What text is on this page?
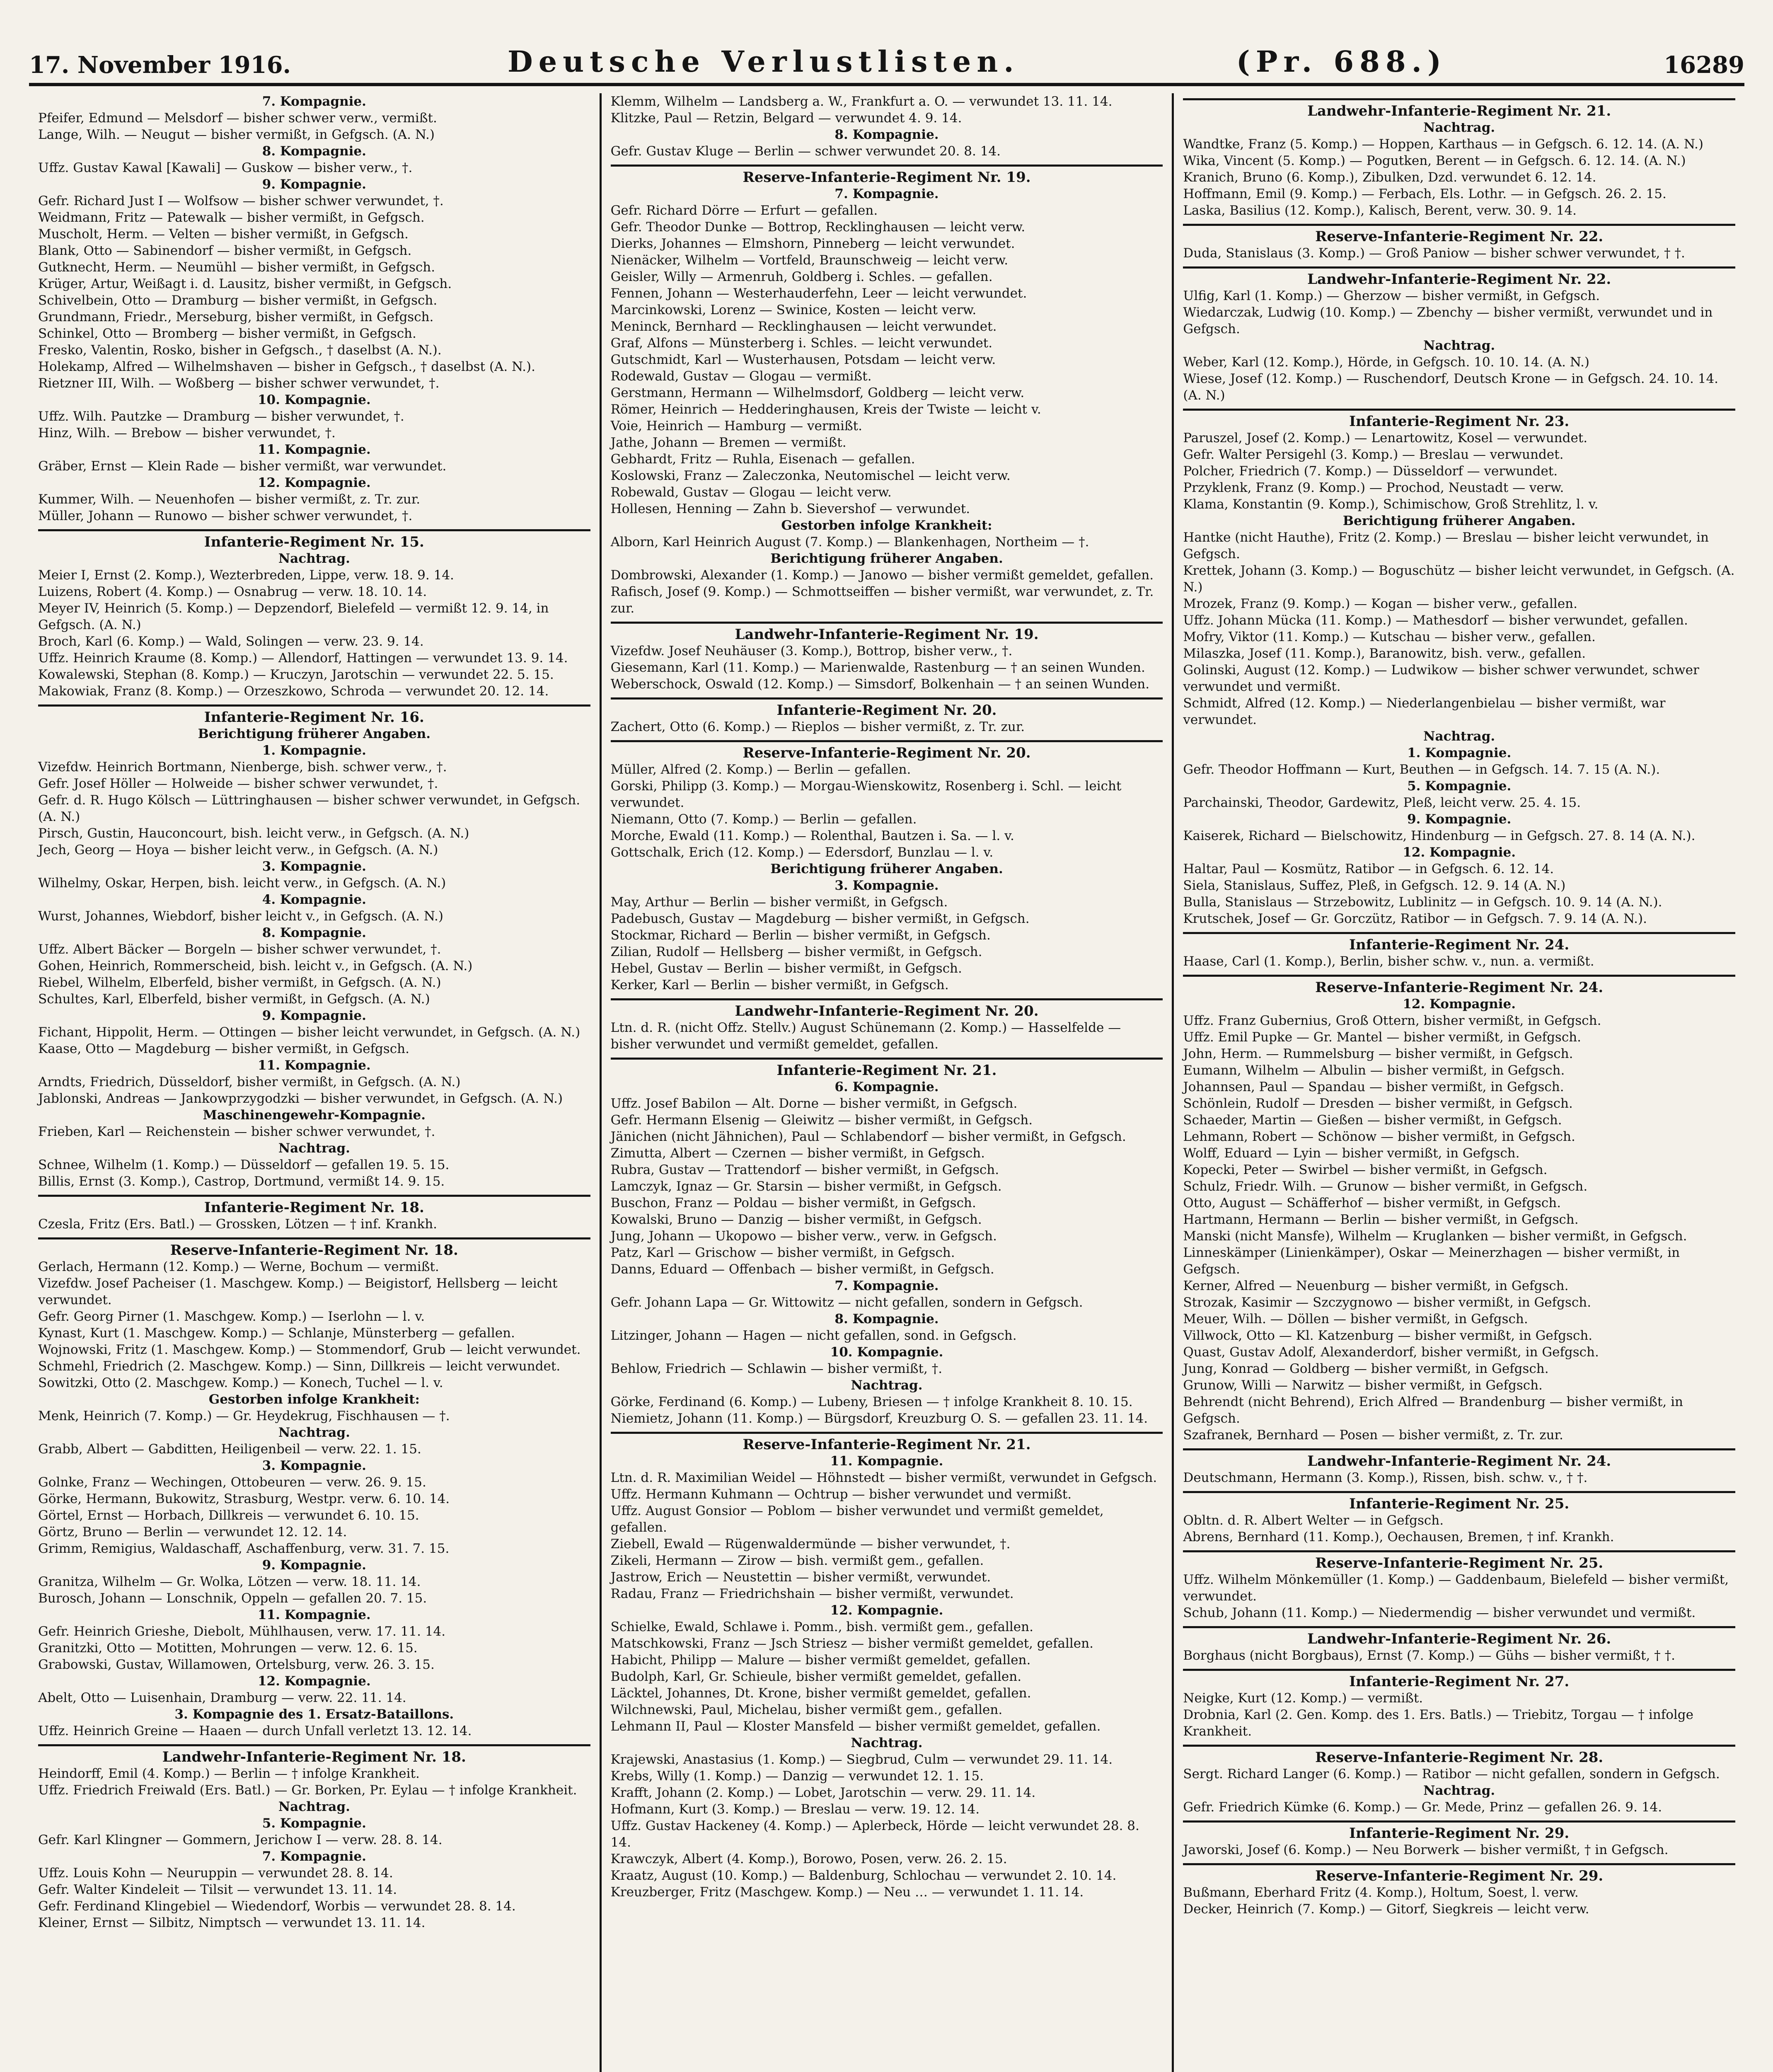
17. November 1916.	Deutsche Verlustlisten.	(Pr. 688.)	16289
7. Kompagnie.
Pfeifer, Edmund — Melsdorf — bisher schwer verw., vermißt.
Lange, Wilh. — Neugut — bisher vermißt, in Gefgsch. (A. N.)
8. Kompagnie.
Uffz. Gustav Kawal [Kawali] — Guskow — bisher verw., †.
9. Kompagnie.
Gefr. Richard Just I — Wolfsow — bisher schwer verwundet, †.
Weidmann, Fritz — Patewalk — bisher vermißt, in Gefgsch.
Muscholt, Herm. — Velten — bisher vermißt, in Gefgsch.
Blank, Otto — Sabinendorf — bisher vermißt, in Gefgsch.
Gutknecht, Herm. — Neumühl — bisher vermißt, in Gefgsch.
Krüger, Artur, Weißagt i. d. Lausitz, bisher vermißt, in Gefgsch.
Schivelbein, Otto — Dramburg — bisher vermißt, in Gefgsch.
Grundmann, Friedr., Merseburg, bisher vermißt, in Gefgsch.
Schinkel, Otto — Bromberg — bisher vermißt, in Gefgsch.
Fresko, Valentin, Rosko, bisher in Gefgsch., † daselbst (A. N.).
Holekamp, Alfred — Wilhelmshaven — bisher in Gefgsch., † daselbst (A. N.).
Rietzner III, Wilh. — Woßberg — bisher schwer verwundet, †.
10. Kompagnie.
Uffz. Wilh. Pautzke — Dramburg — bisher verwundet, †.
Hinz, Wilh. — Brebow — bisher verwundet, †.
11. Kompagnie.
Gräber, Ernst — Klein Rade — bisher vermißt, war verwundet.
12. Kompagnie.
Kummer, Wilh. — Neuenhofen — bisher vermißt, z. Tr. zur.
Müller, Johann — Runowo — bisher schwer verwundet, †.
Infanterie-Regiment Nr. 15.
Nachtrag.
Meier I, Ernst (2. Komp.), Wezterbreden, Lippe, verw. 18. 9. 14.
Luizens, Robert (4. Komp.) — Osnabrug — verw. 18. 10. 14.
Meyer IV, Heinrich (5. Komp.) — Depzendorf, Bielefeld — vermißt 12. 9. 14, in Gefgsch. (A. N.)
Broch, Karl (6. Komp.) — Wald, Solingen — verw. 23. 9. 14.
Uffz. Heinrich Kraume (8. Komp.) — Allendorf, Hattingen — verwundet 13. 9. 14.
Kowalewski, Stephan (8. Komp.) — Kruczyn, Jarotschin — verwundet 22. 5. 15.
Makowiak, Franz (8. Komp.) — Orzeszkowo, Schroda — verwundet 20. 12. 14.
Infanterie-Regiment Nr. 16.
Berichtigung früherer Angaben.
1. Kompagnie.
Vizefdw. Heinrich Bortmann, Nienberge, bish. schwer verw., †.
Gefr. Josef Höller — Holweide — bisher schwer verwundet, †.
Gefr. d. R. Hugo Kölsch — Lüttringhausen — bisher schwer verwundet, in Gefgsch. (A. N.)
Pirsch, Gustin, Hauconcourt, bish. leicht verw., in Gefgsch. (A. N.)
Jech, Georg — Hoya — bisher leicht verw., in Gefgsch. (A. N.)
3. Kompagnie.
Wilhelmy, Oskar, Herpen, bish. leicht verw., in Gefgsch. (A. N.)
4. Kompagnie.
Wurst, Johannes, Wiebdorf, bisher leicht v., in Gefgsch. (A. N.)
8. Kompagnie.
Uffz. Albert Bäcker — Borgeln — bisher schwer verwundet, †.
Gohen, Heinrich, Rommerscheid, bish. leicht v., in Gefgsch. (A. N.)
Riebel, Wilhelm, Elberfeld, bisher vermißt, in Gefgsch. (A. N.)
Schultes, Karl, Elberfeld, bisher vermißt, in Gefgsch. (A. N.)
9. Kompagnie.
Fichant, Hippolit, Herm. — Ottingen — bisher leicht verwundet, in Gefgsch. (A. N.)
Kaase, Otto — Magdeburg — bisher vermißt, in Gefgsch.
11. Kompagnie.
Arndts, Friedrich, Düsseldorf, bisher vermißt, in Gefgsch. (A. N.)
Jablonski, Andreas — Jankowprzygodzki — bisher verwundet, in Gefgsch. (A. N.)
Maschinengewehr-Kompagnie.
Frieben, Karl — Reichenstein — bisher schwer verwundet, †.
Nachtrag.
Schnee, Wilhelm (1. Komp.) — Düsseldorf — gefallen 19. 5. 15.
Billis, Ernst (3. Komp.), Castrop, Dortmund, vermißt 14. 9. 15.
Infanterie-Regiment Nr. 18.
Czesla, Fritz (Ers. Batl.) — Grossken, Lötzen — † inf. Krankh.
Reserve-Infanterie-Regiment Nr. 18.
Gerlach, Hermann (12. Komp.) — Werne, Bochum — vermißt.
Vizefdw. Josef Pacheiser (1. Maschgew. Komp.) — Beigistorf, Hellsberg — leicht verwundet.
Gefr. Georg Pirner (1. Maschgew. Komp.) — Iserlohn — l. v.
Kynast, Kurt (1. Maschgew. Komp.) — Schlanje, Münsterberg — gefallen.
Wojnowski, Fritz (1. Maschgew. Komp.) — Stommendorf, Grub — leicht verwundet.
Schmehl, Friedrich (2. Maschgew. Komp.) — Sinn, Dillkreis — leicht verwundet.
Sowitzki, Otto (2. Maschgew. Komp.) — Konech, Tuchel — l. v.
Gestorben infolge Krankheit:
Menk, Heinrich (7. Komp.) — Gr. Heydekrug, Fischhausen — †.
Nachtrag.
Grabb, Albert — Gabditten, Heiligenbeil — verw. 22. 1. 15.
3. Kompagnie.
Golnke, Franz — Wechingen, Ottobeuren — verw. 26. 9. 15.
Görke, Hermann, Bukowitz, Strasburg, Westpr. verw. 6. 10. 14.
Görtel, Ernst — Horbach, Dillkreis — verwundet 6. 10. 15.
Görtz, Bruno — Berlin — verwundet 12. 12. 14.
Grimm, Remigius, Waldaschaff, Aschaffenburg, verw. 31. 7. 15.
9. Kompagnie.
Granitza, Wilhelm — Gr. Wolka, Lötzen — verw. 18. 11. 14.
Burosch, Johann — Lonschnik, Oppeln — gefallen 20. 7. 15.
11. Kompagnie.
Gefr. Heinrich Grieshe, Diebolt, Mühlhausen, verw. 17. 11. 14.
Granitzki, Otto — Motitten, Mohrungen — verw. 12. 6. 15.
Grabowski, Gustav, Willamowen, Ortelsburg, verw. 26. 3. 15.
12. Kompagnie.
Abelt, Otto — Luisenhain, Dramburg — verw. 22. 11. 14.
3. Kompagnie des 1. Ersatz-Bataillons.
Uffz. Heinrich Greine — Haaen — durch Unfall verletzt 13. 12. 14.
Landwehr-Infanterie-Regiment Nr. 18.
Heindorff, Emil (4. Komp.) — Berlin — † infolge Krankheit.
Uffz. Friedrich Freiwald (Ers. Batl.) — Gr. Borken, Pr. Eylau — † infolge Krankheit.
Nachtrag.
5. Kompagnie.
Gefr. Karl Klingner — Gommern, Jerichow I — verw. 28. 8. 14.
7. Kompagnie.
Uffz. Louis Kohn — Neuruppin — verwundet 28. 8. 14.
Gefr. Walter Kindeleit — Tilsit — verwundet 13. 11. 14.
Gefr. Ferdinand Klingebiel — Wiedendorf, Worbis — verwundet 28. 8. 14.
Kleiner, Ernst — Silbitz, Nimptsch — verwundet 13. 11. 14.
Klemm, Wilhelm — Landsberg a. W., Frankfurt a. O. — verwundet 13. 11. 14.
Klitzke, Paul — Retzin, Belgard — verwundet 4. 9. 14.
8. Kompagnie.
Gefr. Gustav Kluge — Berlin — schwer verwundet 20. 8. 14.
Reserve-Infanterie-Regiment Nr. 19.
7. Kompagnie.
Gefr. Richard Dörre — Erfurt — gefallen.
Gefr. Theodor Dunke — Bottrop, Recklinghausen — leicht verw.
Dierks, Johannes — Elmshorn, Pinneberg — leicht verwundet.
Nienäcker, Wilhelm — Vortfeld, Braunschweig — leicht verw.
Geisler, Willy — Armenruh, Goldberg i. Schles. — gefallen.
Fennen, Johann — Westerhauderfehn, Leer — leicht verwundet.
Marcinkowski, Lorenz — Swinice, Kosten — leicht verw.
Meninck, Bernhard — Recklinghausen — leicht verwundet.
Graf, Alfons — Münsterberg i. Schles. — leicht verwundet.
Gutschmidt, Karl — Wusterhausen, Potsdam — leicht verw.
Rodewald, Gustav — Glogau — vermißt.
Gerstmann, Hermann — Wilhelmsdorf, Goldberg — leicht verw.
Römer, Heinrich — Hedderinghausen, Kreis der Twiste — leicht v.
Voie, Heinrich — Hamburg — vermißt.
Jathe, Johann — Bremen — vermißt.
Gebhardt, Fritz — Ruhla, Eisenach — gefallen.
Koslowski, Franz — Zaleczonka, Neutomischel — leicht verw.
Robewald, Gustav — Glogau — leicht verw.
Hollesen, Henning — Zahn b. Sievershof — verwundet.
Gestorben infolge Krankheit:
Alborn, Karl Heinrich August (7. Komp.) — Blankenhagen, Northeim — †.
Berichtigung früherer Angaben.
Dombrowski, Alexander (1. Komp.) — Janowo — bisher vermißt gemeldet, gefallen.
Rafisch, Josef (9. Komp.) — Schmottseiffen — bisher vermißt, war verwundet, z. Tr. zur.
Landwehr-Infanterie-Regiment Nr. 19.
Vizefdw. Josef Neuhäuser (3. Komp.), Bottrop, bisher verw., †.
Giesemann, Karl (11. Komp.) — Marienwalde, Rastenburg — † an seinen Wunden.
Weberschock, Oswald (12. Komp.) — Simsdorf, Bolkenhain — † an seinen Wunden.
Infanterie-Regiment Nr. 20.
Zachert, Otto (6. Komp.) — Rieplos — bisher vermißt, z. Tr. zur.
Reserve-Infanterie-Regiment Nr. 20.
Müller, Alfred (2. Komp.) — Berlin — gefallen.
Gorski, Philipp (3. Komp.) — Morgau-Wienskowitz, Rosenberg i. Schl. — leicht verwundet.
Niemann, Otto (7. Komp.) — Berlin — gefallen.
Morche, Ewald (11. Komp.) — Rolenthal, Bautzen i. Sa. — l. v.
Gottschalk, Erich (12. Komp.) — Edersdorf, Bunzlau — l. v.
Berichtigung früherer Angaben.
3. Kompagnie.
May, Arthur — Berlin — bisher vermißt, in Gefgsch.
Padebusch, Gustav — Magdeburg — bisher vermißt, in Gefgsch.
Stockmar, Richard — Berlin — bisher vermißt, in Gefgsch.
Zilian, Rudolf — Hellsberg — bisher vermißt, in Gefgsch.
Hebel, Gustav — Berlin — bisher vermißt, in Gefgsch.
Kerker, Karl — Berlin — bisher vermißt, in Gefgsch.
Landwehr-Infanterie-Regiment Nr. 20.
Ltn. d. R. (nicht Offz. Stellv.) August Schünemann (2. Komp.) — Hasselfelde — bisher verwundet und vermißt gemeldet, gefallen.
Infanterie-Regiment Nr. 21.
6. Kompagnie.
Uffz. Josef Babilon — Alt. Dorne — bisher vermißt, in Gefgsch.
Gefr. Hermann Elsenig — Gleiwitz — bisher vermißt, in Gefgsch.
Jänichen (nicht Jähnichen), Paul — Schlabendorf — bisher vermißt, in Gefgsch.
Zimutta, Albert — Czernen — bisher vermißt, in Gefgsch.
Rubra, Gustav — Trattendorf — bisher vermißt, in Gefgsch.
Lamczyk, Ignaz — Gr. Starsin — bisher vermißt, in Gefgsch.
Buschon, Franz — Poldau — bisher vermißt, in Gefgsch.
Kowalski, Bruno — Danzig — bisher vermißt, in Gefgsch.
Jung, Johann — Ukopowo — bisher verw., verw. in Gefgsch.
Patz, Karl — Grischow — bisher vermißt, in Gefgsch.
Danns, Eduard — Offenbach — bisher vermißt, in Gefgsch.
7. Kompagnie.
Gefr. Johann Lapa — Gr. Wittowitz — nicht gefallen, sondern in Gefgsch.
8. Kompagnie.
Litzinger, Johann — Hagen — nicht gefallen, sond. in Gefgsch.
10. Kompagnie.
Behlow, Friedrich — Schlawin — bisher vermißt, †.
Nachtrag.
Görke, Ferdinand (6. Komp.) — Lubeny, Briesen — † infolge Krankheit 8. 10. 15.
Niemietz, Johann (11. Komp.) — Bürgsdorf, Kreuzburg O. S. — gefallen 23. 11. 14.
Reserve-Infanterie-Regiment Nr. 21.
11. Kompagnie.
Ltn. d. R. Maximilian Weidel — Höhnstedt — bisher vermißt, verwundet in Gefgsch.
Uffz. Hermann Kuhmann — Ochtrup — bisher verwundet und vermißt.
Uffz. August Gonsior — Poblom — bisher verwundet und vermißt gemeldet, gefallen.
Ziebell, Ewald — Rügenwaldermünde — bisher verwundet, †.
Zikeli, Hermann — Zirow — bish. vermißt gem., gefallen.
Jastrow, Erich — Neustettin — bisher vermißt, verwundet.
Radau, Franz — Friedrichshain — bisher vermißt, verwundet.
12. Kompagnie.
Schielke, Ewald, Schlawe i. Pomm., bish. vermißt gem., gefallen.
Matschkowski, Franz — Jsch Striesz — bisher vermißt gemeldet, gefallen.
Habicht, Philipp — Malure — bisher vermißt gemeldet, gefallen.
Budolph, Karl, Gr. Schieule, bisher vermißt gemeldet, gefallen.
Läcktel, Johannes, Dt. Krone, bisher vermißt gemeldet, gefallen.
Wilchnewski, Paul, Michelau, bisher vermißt gem., gefallen.
Lehmann II, Paul — Kloster Mansfeld — bisher vermißt gemeldet, gefallen.
Nachtrag.
Krajewski, Anastasius (1. Komp.) — Siegbrud, Culm — verwundet 29. 11. 14.
Krebs, Willy (1. Komp.) — Danzig — verwundet 12. 1. 15.
Krafft, Johann (2. Komp.) — Lobet, Jarotschin — verw. 29. 11. 14.
Hofmann, Kurt (3. Komp.) — Breslau — verw. 19. 12. 14.
Uffz. Gustav Hackeney (4. Komp.) — Aplerbeck, Hörde — leicht verwundet 28. 8. 14.
Krawczyk, Albert (4. Komp.), Borowo, Posen, verw. 26. 2. 15.
Kraatz, August (10. Komp.) — Baldenburg, Schlochau — verwundet 2. 10. 14.
Kreuzberger, Fritz (Maschgew. Komp.) — Neu … — verwundet 1. 11. 14.
Landwehr-Infanterie-Regiment Nr. 21.
Nachtrag.
Wandtke, Franz (5. Komp.) — Hoppen, Karthaus — in Gefgsch. 6. 12. 14. (A. N.)
Wika, Vincent (5. Komp.) — Pogutken, Berent — in Gefgsch. 6. 12. 14. (A. N.)
Kranich, Bruno (6. Komp.), Zibulken, Dzd. verwundet 6. 12. 14.
Hoffmann, Emil (9. Komp.) — Ferbach, Els. Lothr. — in Gefgsch. 26. 2. 15.
Laska, Basilius (12. Komp.), Kalisch, Berent, verw. 30. 9. 14.
Reserve-Infanterie-Regiment Nr. 22.
Duda, Stanislaus (3. Komp.) — Groß Paniow — bisher schwer verwundet, † †.
Landwehr-Infanterie-Regiment Nr. 22.
Ulfig, Karl (1. Komp.) — Gherzow — bisher vermißt, in Gefgsch.
Wiedarczak, Ludwig (10. Komp.) — Zbenchy — bisher vermißt, verwundet und in Gefgsch.
Nachtrag.
Weber, Karl (12. Komp.), Hörde, in Gefgsch. 10. 10. 14. (A. N.)
Wiese, Josef (12. Komp.) — Ruschendorf, Deutsch Krone — in Gefgsch. 24. 10. 14. (A. N.)
Infanterie-Regiment Nr. 23.
Paruszel, Josef (2. Komp.) — Lenartowitz, Kosel — verwundet.
Gefr. Walter Persigehl (3. Komp.) — Breslau — verwundet.
Polcher, Friedrich (7. Komp.) — Düsseldorf — verwundet.
Przyklenk, Franz (9. Komp.) — Prochod, Neustadt — verw.
Klama, Konstantin (9. Komp.), Schimischow, Groß Strehlitz, l. v.
Berichtigung früherer Angaben.
Hantke (nicht Hauthe), Fritz (2. Komp.) — Breslau — bisher leicht verwundet, in Gefgsch.
Krettek, Johann (3. Komp.) — Boguschütz — bisher leicht verwundet, in Gefgsch. (A. N.)
Mrozek, Franz (9. Komp.) — Kogan — bisher verw., gefallen.
Uffz. Johann Mücka (11. Komp.) — Mathesdorf — bisher verwundet, gefallen.
Mofry, Viktor (11. Komp.) — Kutschau — bisher verw., gefallen.
Milaszka, Josef (11. Komp.), Baranowitz, bish. verw., gefallen.
Golinski, August (12. Komp.) — Ludwikow — bisher schwer verwundet, schwer verwundet und vermißt.
Schmidt, Alfred (12. Komp.) — Niederlangenbielau — bisher vermißt, war verwundet.
Nachtrag.
1. Kompagnie.
Gefr. Theodor Hoffmann — Kurt, Beuthen — in Gefgsch. 14. 7. 15 (A. N.).
5. Kompagnie.
Parchainski, Theodor, Gardewitz, Pleß, leicht verw. 25. 4. 15.
9. Kompagnie.
Kaiserek, Richard — Bielschowitz, Hindenburg — in Gefgsch. 27. 8. 14 (A. N.).
12. Kompagnie.
Haltar, Paul — Kosmütz, Ratibor — in Gefgsch. 6. 12. 14.
Siela, Stanislaus, Suffez, Pleß, in Gefgsch. 12. 9. 14 (A. N.)
Bulla, Stanislaus — Strzebowitz, Lublinitz — in Gefgsch. 10. 9. 14 (A. N.).
Krutschek, Josef — Gr. Gorczütz, Ratibor — in Gefgsch. 7. 9. 14 (A. N.).
Infanterie-Regiment Nr. 24.
Haase, Carl (1. Komp.), Berlin, bisher schw. v., nun. a. vermißt.
Reserve-Infanterie-Regiment Nr. 24.
12. Kompagnie.
Uffz. Franz Gubernius, Groß Ottern, bisher vermißt, in Gefgsch.
Uffz. Emil Pupke — Gr. Mantel — bisher vermißt, in Gefgsch.
John, Herm. — Rummelsburg — bisher vermißt, in Gefgsch.
Eumann, Wilhelm — Albulin — bisher vermißt, in Gefgsch.
Johannsen, Paul — Spandau — bisher vermißt, in Gefgsch.
Schönlein, Rudolf — Dresden — bisher vermißt, in Gefgsch.
Schaeder, Martin — Gießen — bisher vermißt, in Gefgsch.
Lehmann, Robert — Schönow — bisher vermißt, in Gefgsch.
Wolff, Eduard — Lyin — bisher vermißt, in Gefgsch.
Kopecki, Peter — Swirbel — bisher vermißt, in Gefgsch.
Schulz, Friedr. Wilh. — Grunow — bisher vermißt, in Gefgsch.
Otto, August — Schäfferhof — bisher vermißt, in Gefgsch.
Hartmann, Hermann — Berlin — bisher vermißt, in Gefgsch.
Manski (nicht Mansfe), Wilhelm — Kruglanken — bisher vermißt, in Gefgsch.
Linneskämper (Linienkämper), Oskar — Meinerzhagen — bisher vermißt, in Gefgsch.
Kerner, Alfred — Neuenburg — bisher vermißt, in Gefgsch.
Strozak, Kasimir — Szczygnowo — bisher vermißt, in Gefgsch.
Meuer, Wilh. — Döllen — bisher vermißt, in Gefgsch.
Villwock, Otto — Kl. Katzenburg — bisher vermißt, in Gefgsch.
Quast, Gustav Adolf, Alexanderdorf, bisher vermißt, in Gefgsch.
Jung, Konrad — Goldberg — bisher vermißt, in Gefgsch.
Grunow, Willi — Narwitz — bisher vermißt, in Gefgsch.
Behrendt (nicht Behrend), Erich Alfred — Brandenburg — bisher vermißt, in Gefgsch.
Szafranek, Bernhard — Posen — bisher vermißt, z. Tr. zur.
Landwehr-Infanterie-Regiment Nr. 24.
Deutschmann, Hermann (3. Komp.), Rissen, bish. schw. v., † †.
Infanterie-Regiment Nr. 25.
Obltn. d. R. Albert Welter — in Gefgsch.
Abrens, Bernhard (11. Komp.), Oechausen, Bremen, † inf. Krankh.
Reserve-Infanterie-Regiment Nr. 25.
Uffz. Wilhelm Mönkemüller (1. Komp.) — Gaddenbaum, Bielefeld — bisher vermißt, verwundet.
Schub, Johann (11. Komp.) — Niedermendig — bisher verwundet und vermißt.
Landwehr-Infanterie-Regiment Nr. 26.
Borghaus (nicht Borgbaus), Ernst (7. Komp.) — Gühs — bisher vermißt, † †.
Infanterie-Regiment Nr. 27.
Neigke, Kurt (12. Komp.) — vermißt.
Drobnia, Karl (2. Gen. Komp. des 1. Ers. Batls.) — Triebitz, Torgau — † infolge Krankheit.
Reserve-Infanterie-Regiment Nr. 28.
Sergt. Richard Langer (6. Komp.) — Ratibor — nicht gefallen, sondern in Gefgsch.
Nachtrag.
Gefr. Friedrich Kümke (6. Komp.) — Gr. Mede, Prinz — gefallen 26. 9. 14.
Infanterie-Regiment Nr. 29.
Jaworski, Josef (6. Komp.) — Neu Borwerk — bisher vermißt, † in Gefgsch.
Reserve-Infanterie-Regiment Nr. 29.
Bußmann, Eberhard Fritz (4. Komp.), Holtum, Soest, l. verw.
Decker, Heinrich (7. Komp.) — Gitorf, Siegkreis — leicht verw.
